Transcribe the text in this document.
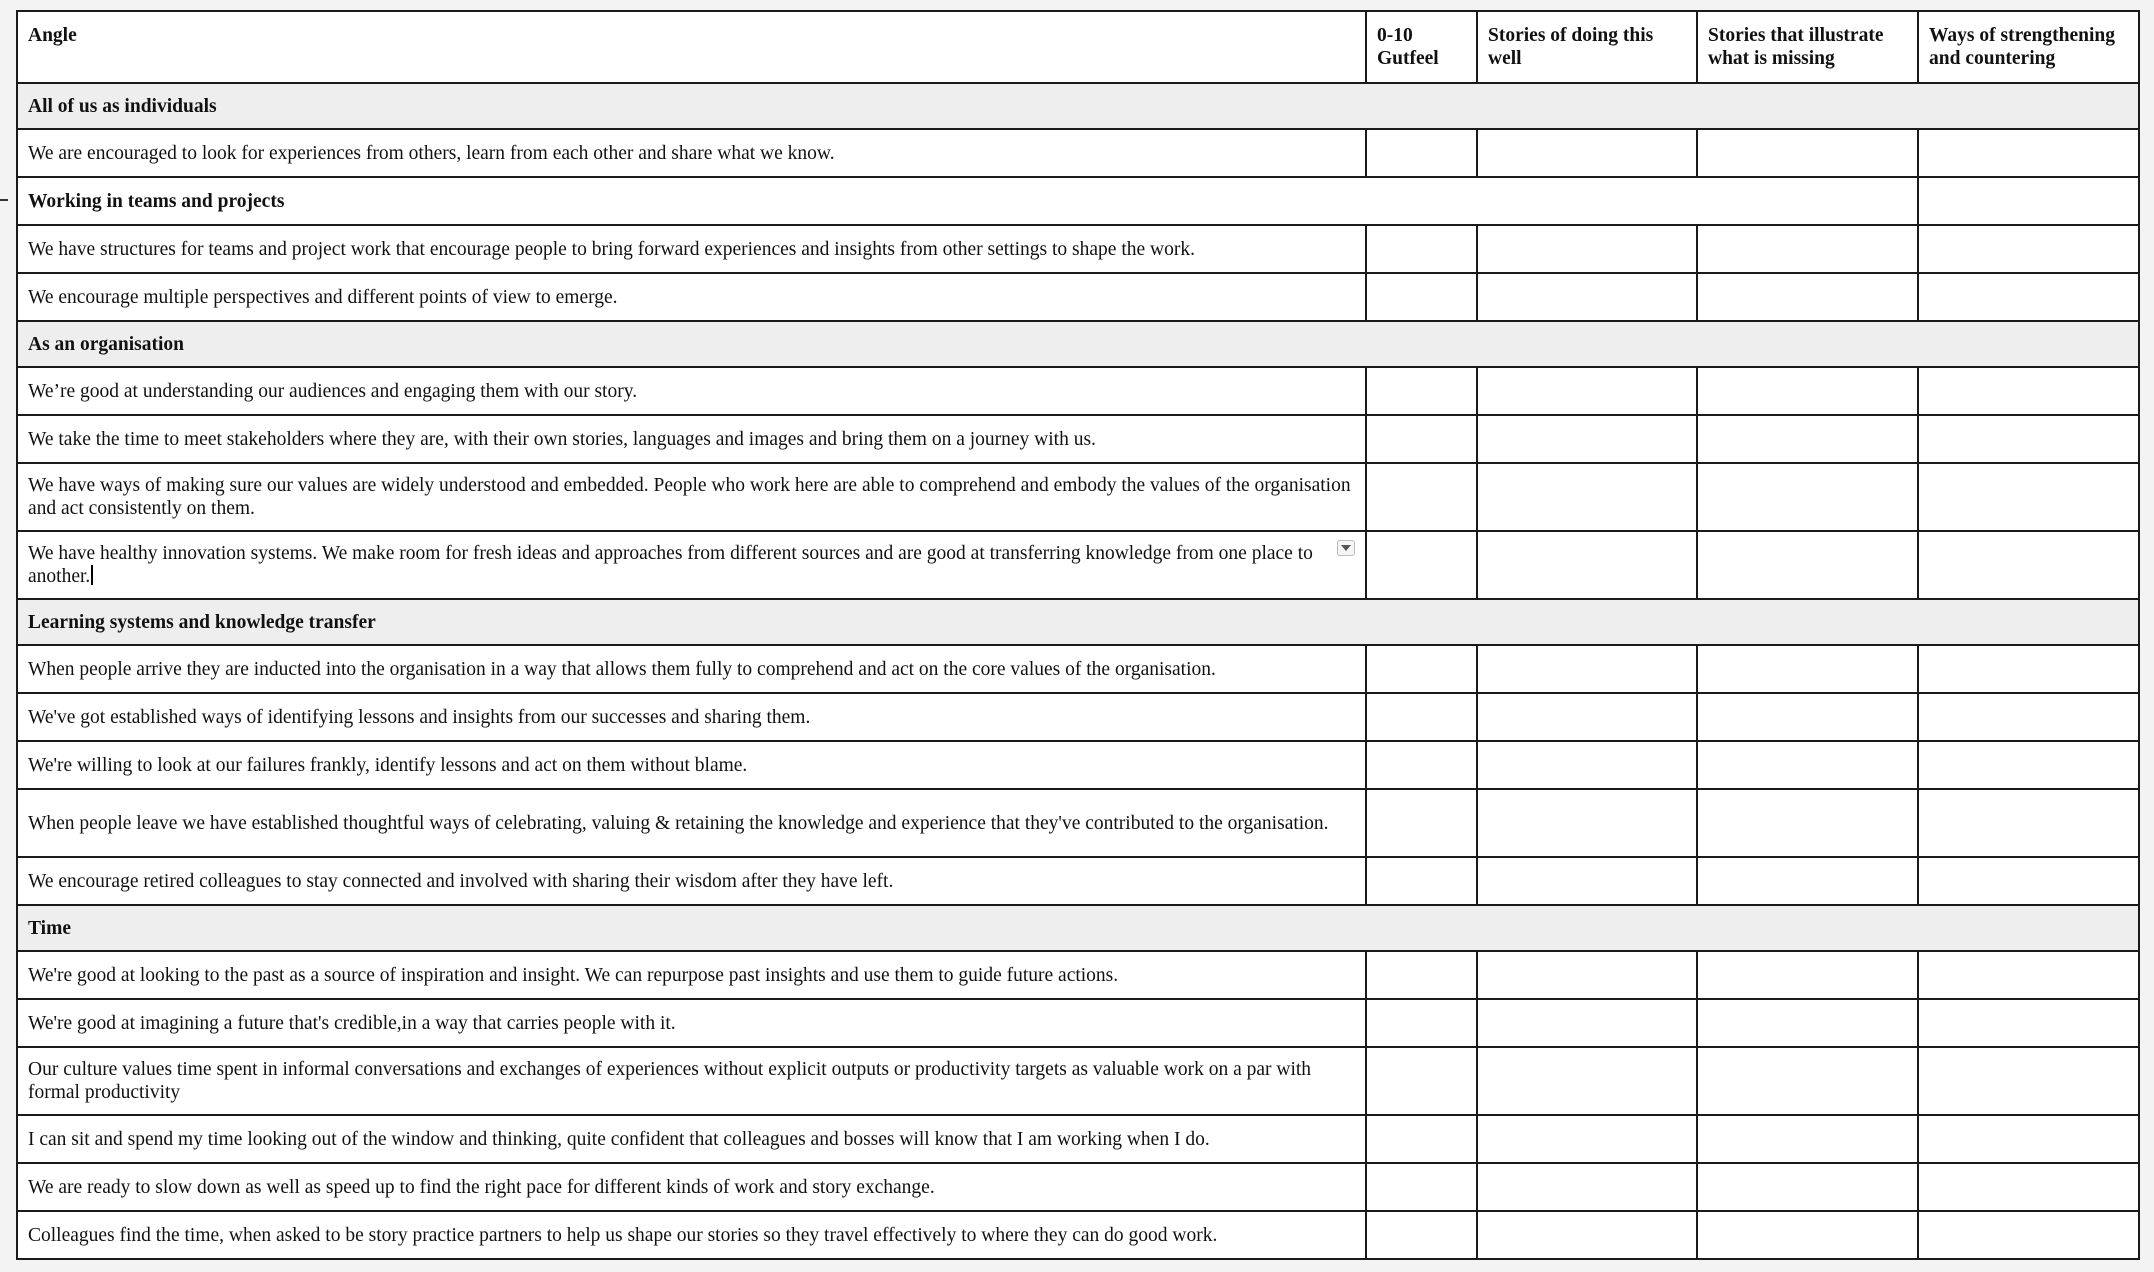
Angle	0-10 Gutfeel	Stories of doing this well	Stories that illustrate what is missing	Ways of strengthening and countering
All of us as individuals				
We are encouraged to look for experiences from others, learn from each other and share what we know.				
Working in teams and projects				
We have structures for teams and project work that encourage people to bring forward experiences and insights from other settings to shape the work.				
We encourage multiple perspectives and different points of view to emerge.				
As an organisation				
We’re good at understanding our audiences and engaging them with our story.				
We take the time to meet stakeholders where they are, with their own stories, languages and images and bring them on a journey with us.				
We have ways of making sure our values are widely understood and embedded. People who work here are able to comprehend and embody the values of the organisation and act consistently on them.				
We have healthy innovation systems. We make room for fresh ideas and approaches from different sources and are good at transferring knowledge from one place to another.

Learning systems and knowledge transfer				
When people arrive they are inducted into the organisation in a way that allows them fully to comprehend and act on the core values of the organisation.				
We've got established ways of identifying lessons and insights from our successes and sharing them.				
We're willing to look at our failures frankly, identify lessons and act on them without blame.				
When people leave we have established thoughtful ways of celebrating, valuing & retaining the knowledge and experience that they've contributed to the organisation.				
We encourage retired colleagues to stay connected and involved with sharing their wisdom after they have left.				
Time				
We're good at looking to the past as a source of inspiration and insight. We can repurpose past insights and use them to guide future actions.				
We're good at imagining a future that's credible,in a way that carries people with it.				
Our culture values time spent in informal conversations and exchanges of experiences without explicit outputs or productivity targets as valuable work on a par with formal productivity				
I can sit and spend my time looking out of the window and thinking, quite confident that colleagues and bosses will know that I am working when I do.				
We are ready to slow down as well as speed up to find the right pace for different kinds of work and story exchange.				
Colleagues find the time, when asked to be story practice partners to help us shape our stories so they travel effectively to where they can do good work.				
